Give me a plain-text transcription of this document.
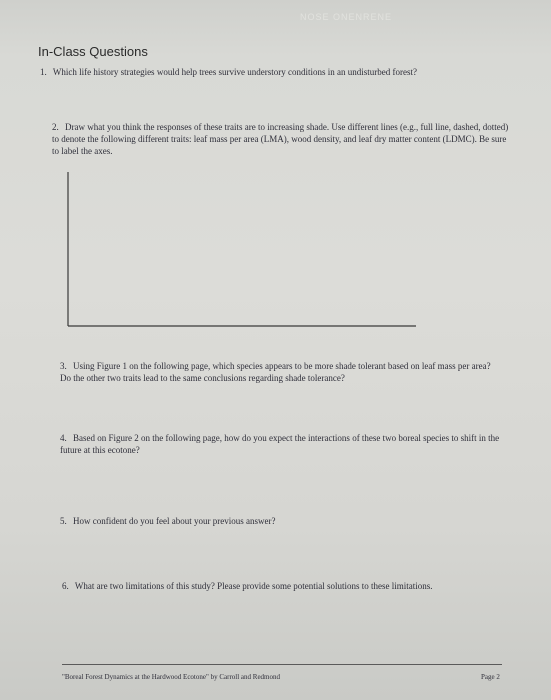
NOSE ONENRENE
In-Class Questions
1. Which life history strategies would help trees survive understory conditions in an undisturbed forest?
2. Draw what you think the responses of these traits are to increasing shade. Use different lines (e.g., full line, dashed, dotted) to denote the following different traits: leaf mass per area (LMA), wood density, and leaf dry matter content (LDMC). Be sure to label the axes.
3. Using Figure 1 on the following page, which species appears to be more shade tolerant based on leaf mass per area? Do the other two traits lead to the same conclusions regarding shade tolerance?
4. Based on Figure 2 on the following page, how do you expect the interactions of these two boreal species to shift in the future at this ecotone?
5. How confident do you feel about your previous answer?
6. What are two limitations of this study? Please provide some potential solutions to these limitations.
"Boreal Forest Dynamics at the Hardwood Ecotone" by Carroll and Redmond	Page 2
